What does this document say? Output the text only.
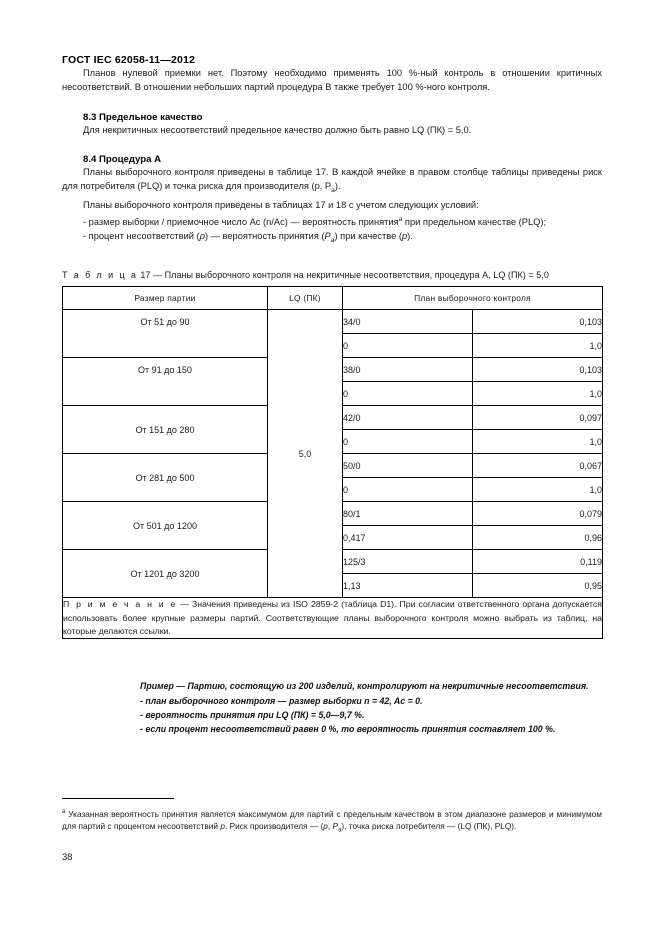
ГОСТ IEC 62058-11—2012

Планов нулевой приемки нет. Поэтому необходимо применять 100 %-ный контроль в отношении критичных несоответствий. В отношении небольших партий процедура В также требует 100 %-ного контроля.

8.3 Предельное качество

Для некритичных несоответствий предельное качество должно быть равно LQ (ПК) = 5,0.

8.4 Процедура А

Планы выборочного контроля приведены в таблице 17. В каждой ячейке в правом столбце таблицы приведены риск для потребителя (PLQ) и точка риска для производителя (p, $P_а$).

Планы выборочного контроля приведены в таблицах 17 и 18 с учетом следующих условий:

- размер выборки / приемочное число Ac (n/Ac) — вероятность принятия$^а$ при предельном качестве (PLQ);

- процент несоответствий (ρ) — вероятность принятия $(P_а)$ при качестве (p).

Т а б л и ц а 17 — Планы выборочного контроля на некритичные несоответствия, процедура А, LQ (ПК) = 5,0
Размер партии	LQ (ПК)	План выборочного контроля	
От 51 до 90	5,0	34/0	0,103
		0	1,0
От 91 до 150		38/0	0,103
		0	1,0
От 151 до 280		42/0	0,097
		0	1,0
От 281 до 500		50/0	0,067
		0	1,0
От 501 до 1200		80/1	0,079
		0,417	0,96
От 1201 до 3200		125/3	0,119
		1,13	0,95
П р и м е ч а н и е — Значения приведены из ISO 2859-2 (таблица D1). При согласии ответственного органа допускается использовать более крупные размеры партий. Соответствующие планы выборочного контроля можно выбрать из таблиц, на которые делаются ссылки.			
Пример — Партию, состоящую из 200 изделий, контролируют на некритичные несоответствия.
- план выборочного контроля — размер выборки n = 42, Ac = 0.
- вероятность принятия при LQ (ПК) = 5,0—9,7 %.
- если процент несоответствий равен 0 %, то вероятность принятия составляет 100 %.
$^а$ Указанная вероятность принятия является максимумом для партий с предельным качеством в этом диапазоне размеров и минимумом для партий с процентом несоответствий p. Риск производителя — (p, $P_а$), точка риска потребителя — (LQ (ПК), PLQ).
38
